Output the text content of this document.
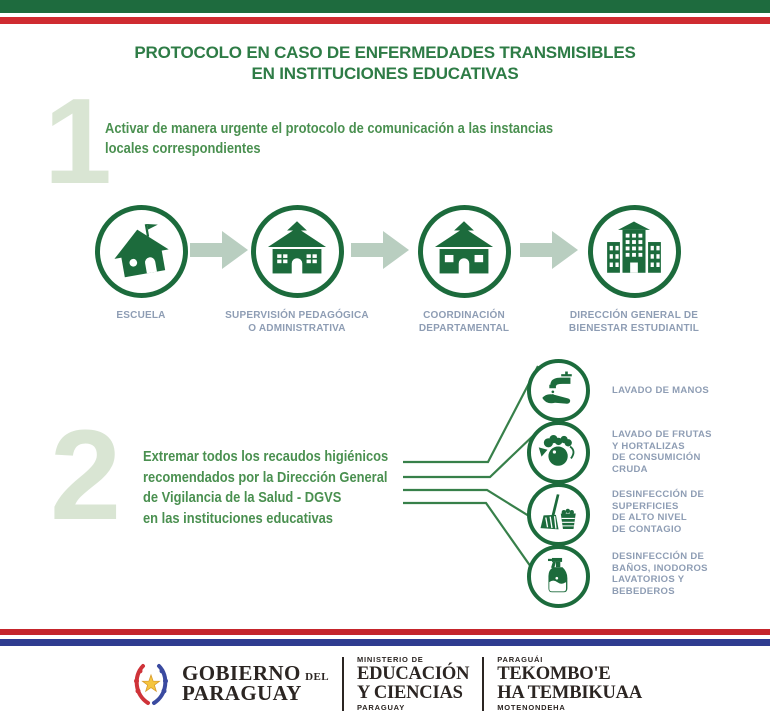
PROTOCOLO EN CASO DE ENFERMEDADES TRANSMISIBLES
EN INSTITUCIONES EDUCATIVAS
1
Activar de manera urgente el protocolo de comunicación a las instancias
locales correspondientes
ESCUELA	SUPERVISIÓN PEDAGÓGICA
O ADMINISTRATIVA
COORDINACIÓN
DEPARTAMENTAL
DIRECCIÓN GENERAL DE
BIENESTAR ESTUDIANTIL
2 Extremar todos los recaudos higiénicos
recomendados por la Dirección General
de Vigilancia de la Salud - DGVS
en las instituciones educativas
LAVADO DE MANOS
LAVADO DE FRUTAS
Y HORTALIZAS
DE CONSUMICIÓN
CRUDA
DESINFECCIÓN DE
SUPERFICIES
DE ALTO NIVEL
DE CONTAGIO
DESINFECCIÓN DE
BAÑOS, INODOROS
LAVATORIOS Y
BEBEDEROS
GOBIERNO DEL
PARAGUAY
MINISTERIO DE
EDUCACIÓN
Y CIENCIAS
PARAGUAY
PARAGUÁI
TEKOMBO'E
HA TEMBIKUAA
MOTENONDEHA
